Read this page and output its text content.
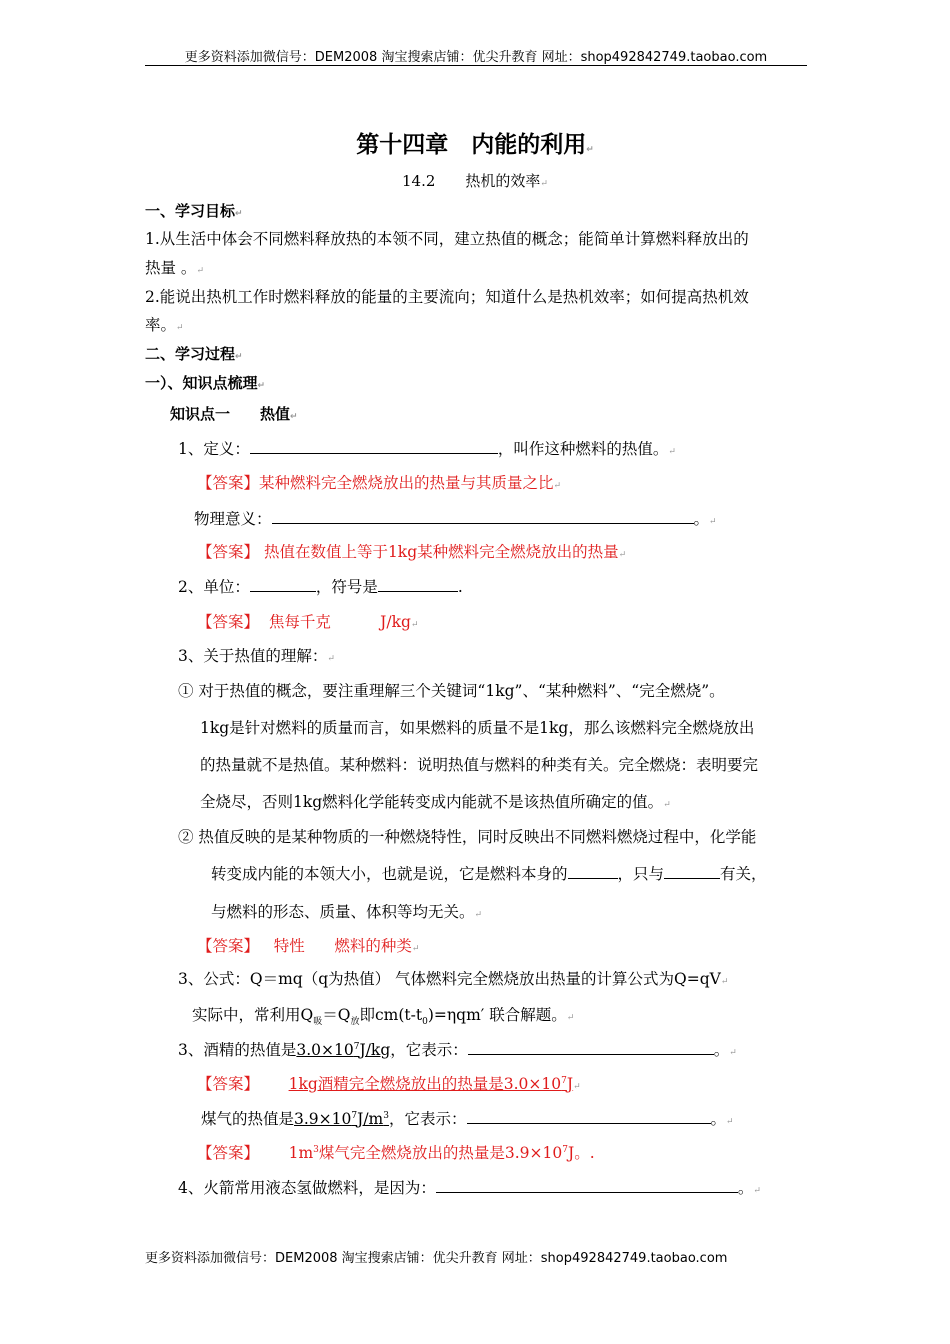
更多资料添加微信号：DEM2008 淘宝搜索店铺：优尖升教育 网址：shop492842749.taobao.com
第十四章　内能的利用↵
14.2　　热机的效率↵
一、学习目标↵
1.从生活中体会不同燃料释放热的本领不同，建立热值的概念；能简单计算燃料释放出的
热量 。↵
2.能说出热机工作时燃料释放的能量的主要流向；知道什么是热机效率；如何提高热机效
率。↵
二、学习过程↵
一）、知识点梳理↵
知识点一　　热值↵
1、定义：	，叫作这种燃料的热值。↵
【答案】某种燃料完全燃烧放出的热量与其质量之比↵
物理意义：	。↵
【答案】 热值在数值上等于1kg某种燃料完全燃烧放出的热量↵
2、单位：	，符号是	.
【答案】 焦每千克	J/kg↵
3、关于热值的理解：↵
① 对于热值的概念，要注重理解三个关键词“1kg”、“某种燃料”、“完全燃烧”。
1kg是针对燃料的质量而言，如果燃料的质量不是1kg，那么该燃料完全燃烧放出
的热量就不是热值。某种燃料：说明热值与燃料的种类有关。完全燃烧：表明要完
全烧尽，否则1kg燃料化学能转变成内能就不是该热值所确定的值。↵
② 热值反映的是某种物质的一种燃烧特性，同时反映出不同燃料燃烧过程中，化学能
转变成内能的本领大小，也就是说，它是燃料本身的	，只与	有关，
与燃料的形态、质量、体积等均无关。↵
【答案】 特性 燃料的种类↵
3、公式：Q＝mq（q为热值） 气体燃料完全燃烧放出热量的计算公式为Q=qV↵
实际中，常利用$Q_吸=Q_放$即$cm(t-t_0)=\eta qm'$ 联合解题。↵
3、酒精的热值是$3.0\times 10^7J/kg$，它表示：	。↵
【答案】 1kg酒精完全燃烧放出的热量是$3.0\times 10^7J↵$
煤气的热值是$3.9\times 10^7J/m^3$，它表示：	。↵
【答案】 $1m^3$煤气完全燃烧放出的热量是$3.9\times 10^7J$。.
4、火箭常用液态氢做燃料，是因为：	。↵
更多资料添加微信号：DEM2008 淘宝搜索店铺：优尖升教育 网址：shop492842749.taobao.com
